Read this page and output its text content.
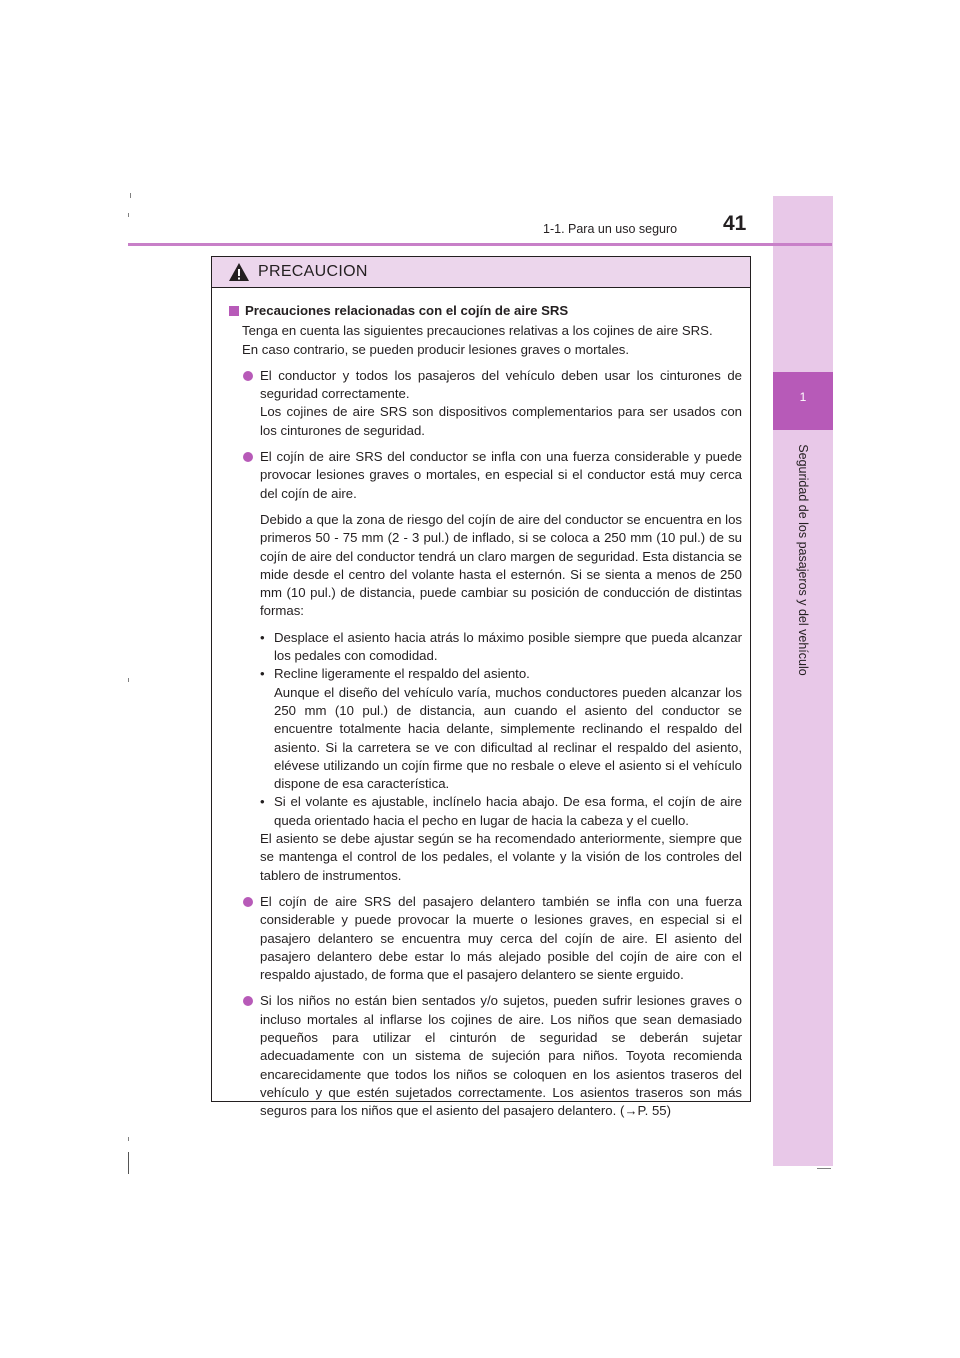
1
Seguridad de los pasajeros y del vehículo
1-1. Para un uso seguro 41
PRECAUCION
Precauciones relacionadas con el cojín de aire SRS

Tenga en cuenta las siguientes precauciones relativas a los cojines de aire SRS.

En caso contrario, se pueden producir lesiones graves o mortales.

El conductor y todos los pasajeros del vehículo deben usar los cinturones de seguridad correctamente.

Los cojines de aire SRS son dispositivos complementarios para ser usados con los cinturones de seguridad.

El cojín de aire SRS del conductor se infla con una fuerza considerable y puede provocar lesiones graves o mortales, en especial si el conductor está muy cerca del cojín de aire.

Debido a que la zona de riesgo del cojín de aire del conductor se encuentra en los primeros 50 - 75 mm (2 - 3 pul.) de inflado, si se coloca a 250 mm (10 pul.) de su cojín de aire del conductor tendrá un claro margen de seguridad. Esta distancia se mide desde el centro del volante hasta el esternón. Si se sienta a menos de 250 mm (10 pul.) de distancia, puede cambiar su posición de conducción de distintas formas:
• Desplace el asiento hacia atrás lo máximo posible siempre que pueda alcanzar los pedales con comodidad.
• Recline ligeramente el respaldo del asiento.

Aunque el diseño del vehículo varía, muchos conductores pueden alcanzar los 250 mm (10 pul.) de distancia, aun cuando el asiento del conductor se encuentre totalmente hacia delante, simplemente reclinando el respaldo del asiento. Si la carretera se ve con dificultad al reclinar el respaldo del asiento, elévese utilizando un cojín firme que no resbale o eleve el asiento si el vehículo dispone de esa característica.

• Si el volante es ajustable, inclínelo hacia abajo. De esa forma, el cojín de aire queda orientado hacia el pecho en lugar de hacia la cabeza y el cuello.
El asiento se debe ajustar según se ha recomendado anteriormente, siempre que se mantenga el control de los pedales, el volante y la visión de los controles del tablero de instrumentos.

El cojín de aire SRS del pasajero delantero también se infla con una fuerza considerable y puede provocar la muerte o lesiones graves, en especial si el pasajero delantero se encuentra muy cerca del cojín de aire. El asiento del pasajero delantero debe estar lo más alejado posible del cojín de aire con el respaldo ajustado, de forma que el pasajero delantero se siente erguido.

Si los niños no están bien sentados y/o sujetos, pueden sufrir lesiones graves o incluso mortales al inflarse los cojines de aire. Los niños que sean demasiado pequeños para utilizar el cinturón de seguridad se deberán sujetar adecuadamente con un sistema de sujeción para niños. Toyota recomienda encarecidamente que todos los niños se coloquen en los asientos traseros del vehículo y que estén sujetados correctamente. Los asientos traseros son más seguros para los niños que el asiento del pasajero delantero. (→P. 55)
